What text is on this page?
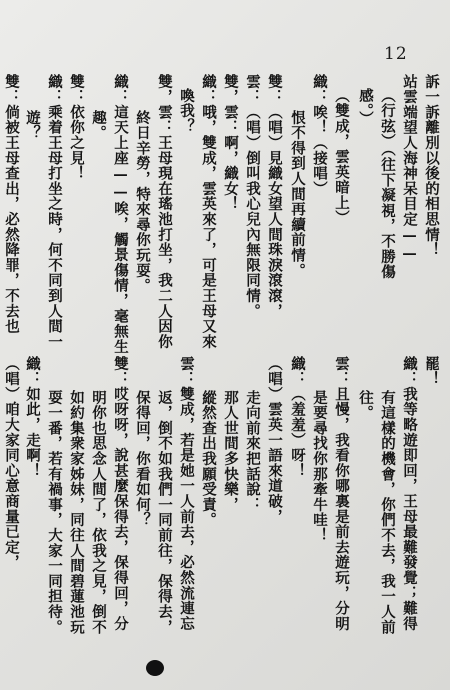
12
訴一訴離別以後的相思情！
站雲端望人海神呆目定——
（行弦）（往下凝視，不勝傷
感。）
（雙成，雲英暗上）
織：唉！（接唱）
恨不得到人間再續前情。
雙：（唱）見織女望人間珠淚滾滾，
雲：（唱）倒叫我心兒內無限同情。
雙，雲：啊，織女！
織：哦，雙成，雲英來了，可是王母又來
喚我？
雙，雲：王母現在瑤池打坐，我二人因你
終日辛勞，特來尋你玩耍。
織：這天上座——唉，觸景傷情，毫無生
趣。
雙：依你之見！
織：乘着王母打坐之時，何不同到人間一
遊？
雙：倘被王母查出，必然降罪，不去也
罷！
織：我等略遊即回，王母最難發覺；難得
有這樣的機會，你們不去，我一人前
往。
雲：且慢，我看你哪裏是前去遊玩，分明
是要尋找你那牽牛哇！
織：（羞羞）呀！
（唱）雲英一語來道破，
走向前來把話說：
那人世間多快樂，
縱然查出我願受責。
雲：雙成，若是她一人前去，必然流連忘
返，倒不如我們一同前往，保得去，
保得回，你看如何？
雙：哎呀呀，說甚麼保得去，保得回，分
明你也思念人間了，依我之見，倒不
如約集衆家姊妹，同往人間碧蓮池玩
耍一番，若有禍事，大家一同担待。
織：如此，走啊！
（唱）咱大家同心意商量已定，
